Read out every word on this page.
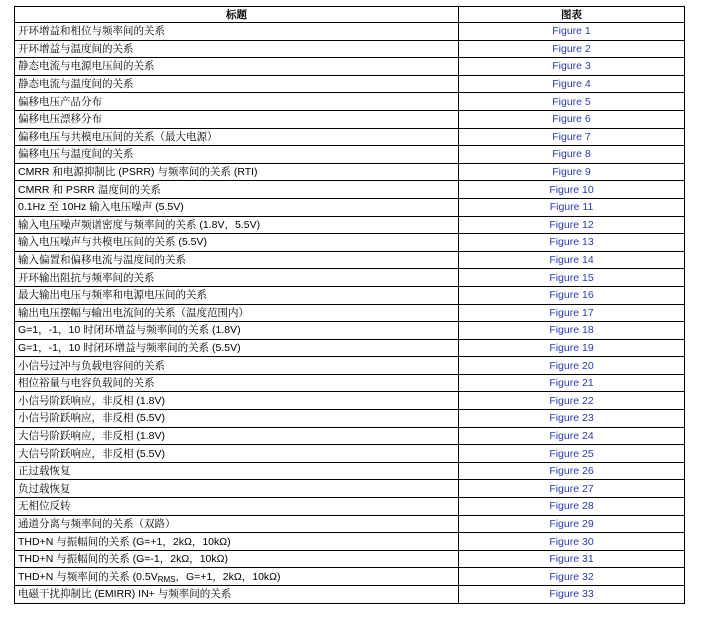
标题	图表
开环增益和相位与频率间的关系	Figure 1
开环增益与温度间的关系	Figure 2
静态电流与电源电压间的关系	Figure 3
静态电流与温度间的关系	Figure 4
偏移电压产品分布	Figure 5
偏移电压漂移分布	Figure 6
偏移电压与共模电压间的关系（最大电源）	Figure 7
偏移电压与温度间的关系	Figure 8
CMRR 和电源抑制比 (PSRR) 与频率间的关系 (RTI)	Figure 9
CMRR 和 PSRR 温度间的关系	Figure 10
0.1Hz 至 10Hz 输入电压噪声 (5.5V)	Figure 11
输入电压噪声频谱密度与频率间的关系 (1.8V，5.5V)	Figure 12
输入电压噪声与共模电压间的关系 (5.5V)	Figure 13
输入偏置和偏移电流与温度间的关系	Figure 14
开环输出阻抗与频率间的关系	Figure 15
最大输出电压与频率和电源电压间的关系	Figure 16
输出电压摆幅与输出电流间的关系（温度范围内）	Figure 17
G=1，-1，10 时闭环增益与频率间的关系 (1.8V)	Figure 18
G=1，-1，10 时闭环增益与频率间的关系 (5.5V)	Figure 19
小信号过冲与负载电容间的关系	Figure 20
相位裕量与电容负载间的关系	Figure 21
小信号阶跃响应，非反相 (1.8V)	Figure 22
小信号阶跃响应，非反相 (5.5V)	Figure 23
大信号阶跃响应，非反相 (1.8V)	Figure 24
大信号阶跃响应，非反相 (5.5V)	Figure 25
正过载恢复	Figure 26
负过载恢复	Figure 27
无相位反转	Figure 28
通道分离与频率间的关系（双路）	Figure 29
THD+N 与振幅间的关系 (G=+1，2kΩ，10kΩ)	Figure 30
THD+N 与振幅间的关系 (G=-1，2kΩ，10kΩ)	Figure 31
THD+N 与频率间的关系 ($0.5V_{RMS}$，G=+1，2kΩ，10kΩ)	Figure 32
电磁干扰抑制比 (EMIRR) IN+ 与频率间的关系	Figure 33
